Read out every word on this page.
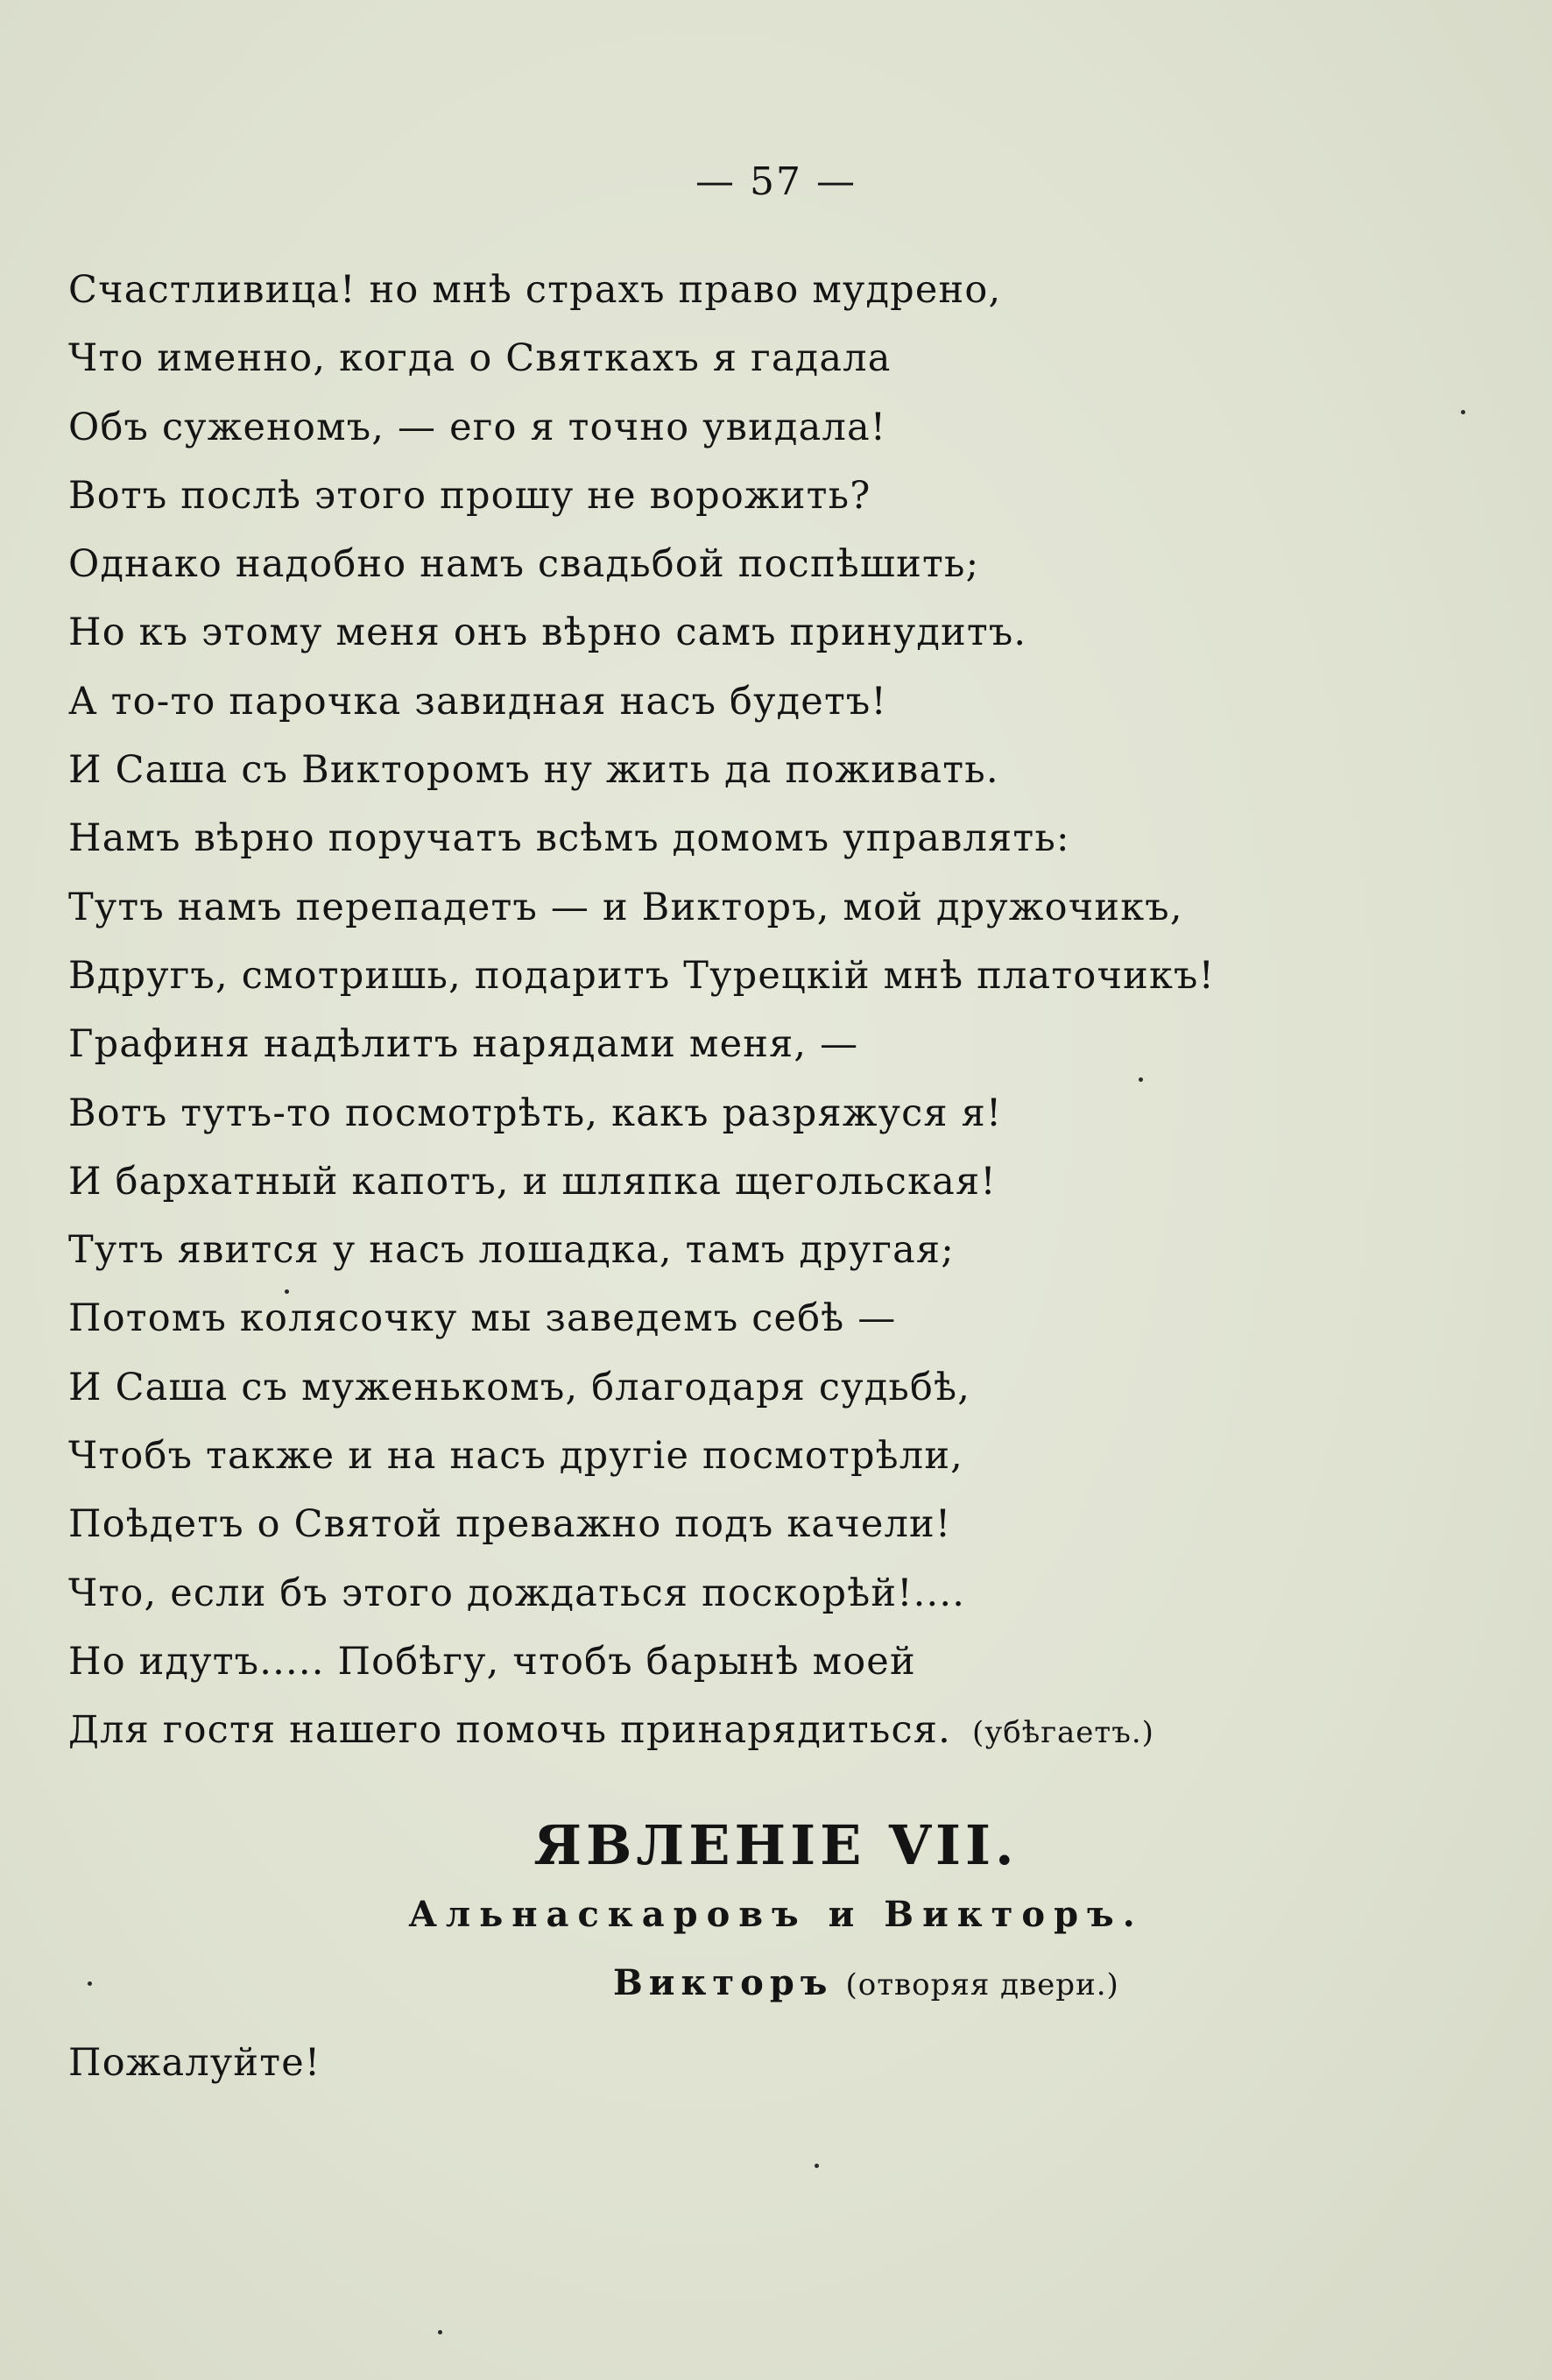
— 57 —
Счастливица! но мнѣ страхъ право мудрено,
Что именно, когда о Святкахъ я гадала
Объ суженомъ, — его я точно увидала!
Вотъ послѣ этого прошу не ворожить?
Однако надобно намъ свадьбой поспѣшить;
Но къ этому меня онъ вѣрно самъ принудитъ.
А то-то парочка завидная насъ будетъ!
И Саша съ Викторомъ ну жить да поживать.
Намъ вѣрно поручатъ всѣмъ домомъ управлять:
Тутъ намъ перепадетъ — и Викторъ, мой дружочикъ,
Вдругъ, смотришь, подаритъ Турецкій мнѣ платочикъ!
Графиня надѣлитъ нарядами меня, —
Вотъ тутъ-то посмотрѣть, какъ разряжуся я!
И бархатный капотъ, и шляпка щегольская!
Тутъ явится у насъ лошадка, тамъ другая;
Потомъ колясочку мы заведемъ себѣ —
И Саша съ муженькомъ, благодаря судьбѣ,
Чтобъ также и на насъ другіе посмотрѣли,
Поѣдетъ о Святой преважно подъ качели!
Что, если бъ этого дождаться поскорѣй!....
Но идутъ..... Побѣгу, чтобъ барынѣ моей
Для гостя нашего помочь принарядиться. (убѣгаетъ.)
ЯВЛЕНІЕ VII.
Альнаскаровъ и Викторъ.
Викторъ (отворяя двери.)
Пожалуйте!
